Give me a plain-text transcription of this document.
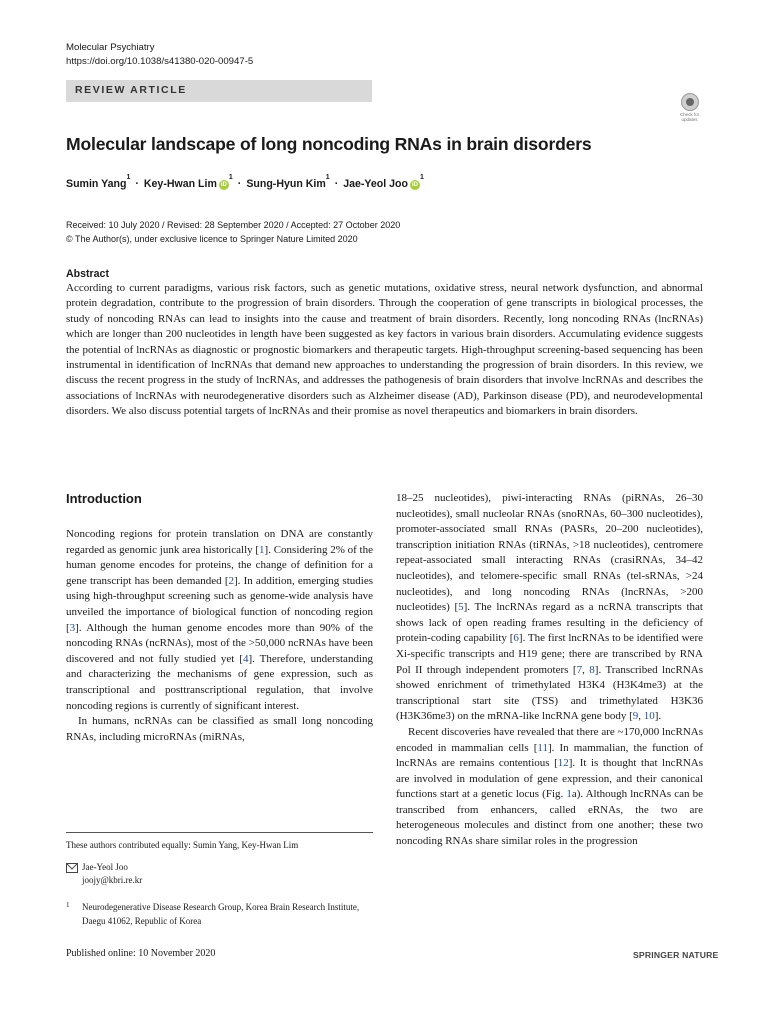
Molecular Psychiatry
https://doi.org/10.1038/s41380-020-00947-5
REVIEW ARTICLE
Check for updates
Molecular landscape of long noncoding RNAs in brain disorders
Sumin Yang
$^1$
· Key-Hwan Lim iD
$^1$
· Sung-Hyun Kim
$^1$
· Jae-Yeol Joo iD
$^1$
Received: 10 July 2020 / Revised: 28 September 2020 / Accepted: 27 October 2020
© The Author(s), under exclusive licence to Springer Nature Limited 2020
Abstract
According to current paradigms, various risk factors, such as genetic mutations, oxidative stress, neural network dysfunction, and abnormal protein degradation, contribute to the progression of brain disorders. Through the cooperation of gene transcripts in biological processes, the study of noncoding RNAs can lead to insights into the cause and treatment of brain disorders. Recently, long noncoding RNAs (lncRNAs) which are longer than 200 nucleotides in length have been suggested as key factors in various brain disorders. Accumulating evidence suggests the potential of lncRNAs as diagnostic or prognostic biomarkers and therapeutic targets. High-throughput screening-based sequencing has been instrumental in identification of lncRNAs that demand new approaches to understanding the progression of brain disorders. In this review, we discuss the recent progress in the study of lncRNAs, and addresses the pathogenesis of brain disorders that involve lncRNAs and describes the associations of lncRNAs with neurodegenerative disorders such as Alzheimer disease (AD), Parkinson disease (PD), and neurodevelopmental disorders. We also discuss potential targets of lncRNAs and their promise as novel therapeutics and biomarkers in brain disorders.
Introduction

Noncoding regions for protein translation on DNA are constantly regarded as genomic junk area historically [1]. Considering 2% of the human genome encodes for proteins, the change of definition for a gene transcript has been demanded [2]. In addition, emerging studies using high-throughput screening such as genome-wide analysis have unveiled the importance of biological function of noncoding region [3]. Although the human genome encodes more than 90% of the noncoding RNAs (ncRNAs), most of the >50,000 ncRNAs have been discovered and not fully studied yet [4]. Therefore, understanding and characterizing the mechanisms of gene expression, such as transcriptional and posttranscriptional regulation, that involve noncoding regions is currently of significant interest.

In humans, ncRNAs can be classified as small long noncoding RNAs, including microRNAs (miRNAs,

18–25 nucleotides), piwi-interacting RNAs (piRNAs, 26–30 nucleotides), small nucleolar RNAs (snoRNAs, 60–300 nucleotides), promoter-associated small RNAs (PASRs, 20–200 nucleotides), transcription initiation RNAs (tiRNAs, >18 nucleotides), centromere repeat-associated small interacting RNAs (crasiRNAs, 34–42 nucleotides), and telomere-specific small RNAs (tel-sRNAs, >24 nucleotides), and long noncoding RNAs (lncRNAs, >200 nucleotides) [5]. The lncRNAs regard as a ncRNA transcripts that shows lack of open reading frames resulting in the deficiency of protein-coding capability [6]. The first lncRNAs to be identified were Xi-specific transcripts and H19 gene; there are transcribed by RNA Pol II through independent promoters [7, 8]. Transcribed lncRNAs showed enrichment of trimethylated H3K4 (H3K4me3) at the transcriptional start site (TSS) and trimethylated H3K36 (H3K36me3) on the mRNA-like lncRNA gene body [9, 10].

Recent discoveries have revealed that there are ~170,000 lncRNAs encoded in mammalian cells [11]. In mammalian, the function of lncRNAs are remains contentious [12]. It is thought that lncRNAs are involved in modulation of gene expression, and their canonical functions start at a genetic locus (Fig. 1a). Although lncRNAs can be transcribed from enhancers, called eRNAs, the two are heterogeneous molecules and distinct from one another; these two noncoding RNAs share similar roles in the progression

These authors contributed equally: Sumin Yang, Key-Hwan Lim
Jae-Yeol Joo
joojy@kbri.re.kr
1 Neurodegenerative Disease Research Group, Korea Brain Research Institute, Daegu 41062, Republic of Korea
Published online: 10 November 2020	SPRINGER NATURE
